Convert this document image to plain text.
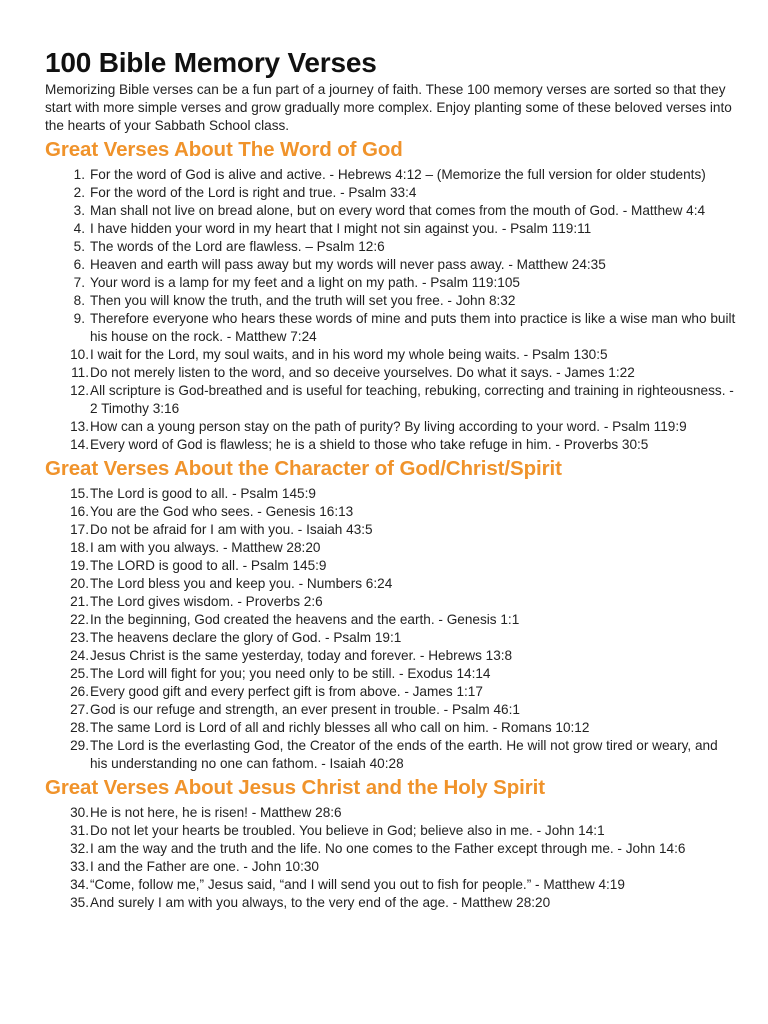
100 Bible Memory Verses

Memorizing Bible verses can be a fun part of a journey of faith. These 100 memory verses are sorted so that they start with more simple verses and grow gradually more complex. Enjoy planting some of these beloved verses into the hearts of your Sabbath School class.

Great Verses About The Word of God
1. For the word of God is alive and active. - Hebrews 4:12 – (Memorize the full version for older students)
2. For the word of the Lord is right and true. - Psalm 33:4
3. Man shall not live on bread alone, but on every word that comes from the mouth of God. - Matthew 4:4
4. I have hidden your word in my heart that I might not sin against you. - Psalm 119:11
5. The words of the Lord are flawless. – Psalm 12:6
6. Heaven and earth will pass away but my words will never pass away. - Matthew 24:35
7. Your word is a lamp for my feet and a light on my path. - Psalm 119:105
8. Then you will know the truth, and the truth will set you free. - John 8:32
9. Therefore everyone who hears these words of mine and puts them into practice is like a wise man who built his house on the rock. - Matthew 7:24
10. I wait for the Lord, my soul waits, and in his word my whole being waits. - Psalm 130:5
11. Do not merely listen to the word, and so deceive yourselves. Do what it says. - James 1:22
12. All scripture is God-breathed and is useful for teaching, rebuking, correcting and training in righteousness. - 2 Timothy 3:16
13. How can a young person stay on the path of purity? By living according to your word. - Psalm 119:9
14. Every word of God is flawless; he is a shield to those who take refuge in him. - Proverbs 30:5
Great Verses About the Character of God/Christ/Spirit
15. The Lord is good to all. - Psalm 145:9
16. You are the God who sees. - Genesis 16:13
17. Do not be afraid for I am with you. - Isaiah 43:5
18. I am with you always. - Matthew 28:20
19. The LORD is good to all. - Psalm 145:9
20. The Lord bless you and keep you. - Numbers 6:24
21. The Lord gives wisdom. - Proverbs 2:6
22. In the beginning, God created the heavens and the earth. - Genesis 1:1
23. The heavens declare the glory of God. - Psalm 19:1
24. Jesus Christ is the same yesterday, today and forever. - Hebrews 13:8
25. The Lord will fight for you; you need only to be still. - Exodus 14:14
26. Every good gift and every perfect gift is from above. - James 1:17
27. God is our refuge and strength, an ever present in trouble. - Psalm 46:1
28. The same Lord is Lord of all and richly blesses all who call on him. - Romans 10:12
29. The Lord is the everlasting God, the Creator of the ends of the earth. He will not grow tired or weary, and his understanding no one can fathom. - Isaiah 40:28
Great Verses About Jesus Christ and the Holy Spirit
30. He is not here, he is risen! - Matthew 28:6
31. Do not let your hearts be troubled. You believe in God; believe also in me. - John 14:1
32. I am the way and the truth and the life. No one comes to the Father except through me. - John 14:6
33. I and the Father are one. - John 10:30
34. “Come, follow me,” Jesus said, “and I will send you out to fish for people.” - Matthew 4:19
35. And surely I am with you always, to the very end of the age. - Matthew 28:20
